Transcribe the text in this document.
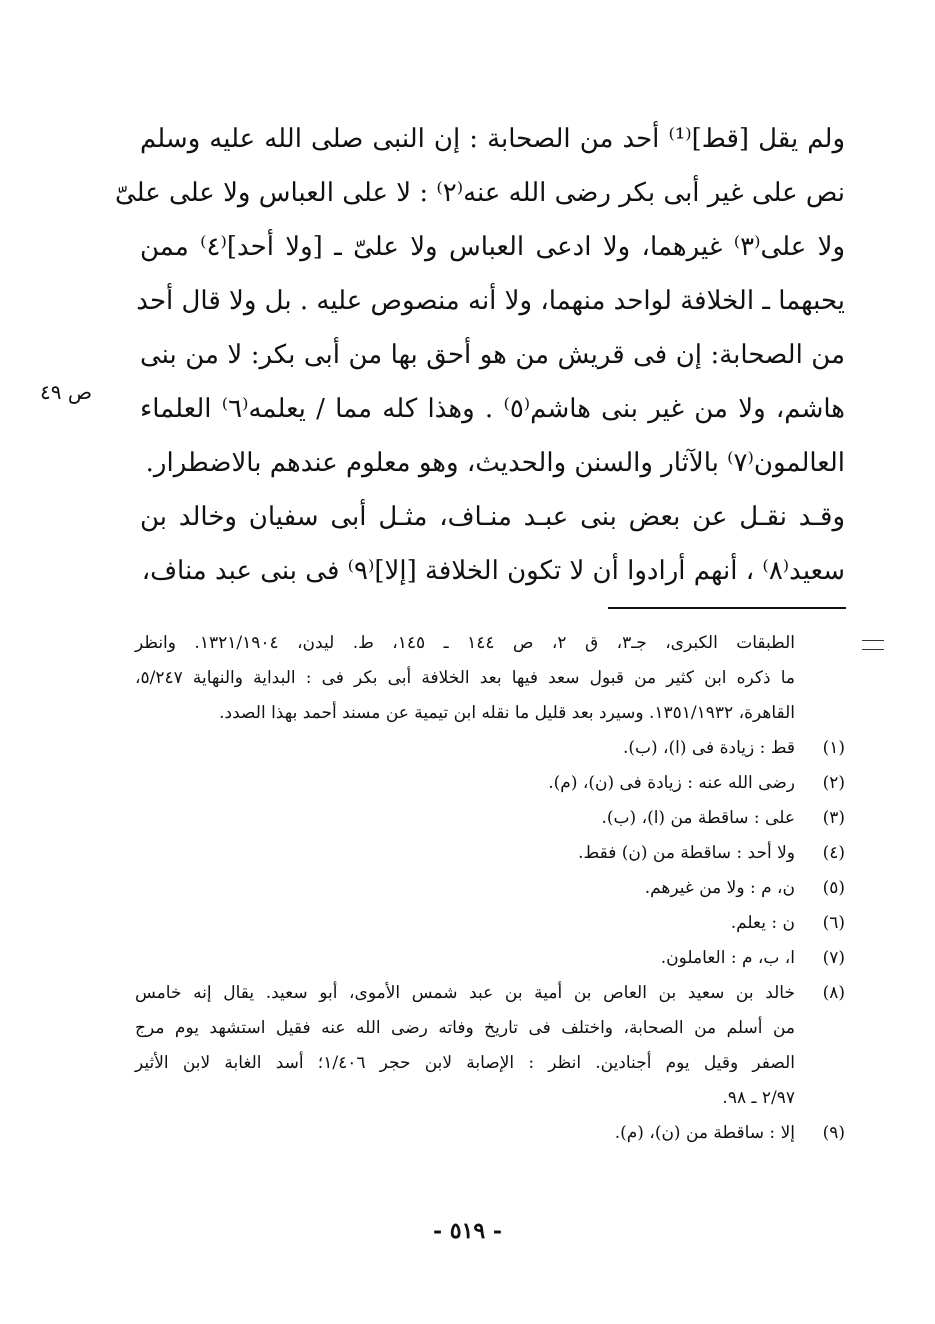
ولم يقل [قط]⁽¹⁾ أحد من الصحابة : إن النبى صلى الله عليه وسلم
نص على غير أبى بكر رضى الله عنه⁽٢⁾ : لا على العباس ولا على علىّ
ولا على⁽٣⁾ غيرهما، ولا ادعى العباس ولا علىّ ـ [ولا أحد]⁽٤⁾ ممن
يحبهما ـ الخلافة لواحد منهما، ولا أنه منصوص عليه . بل ولا قال أحد
من الصحابة: إن فى قريش من هو أحق بها من أبى بكر: لا من بنى
هاشم، ولا من غير بنى هاشم⁽٥⁾ . وهذا كله مما / يعلمه⁽٦⁾ العلماء
العالمون⁽٧⁾ بالآثار والسنن والحديث، وهو معلوم عندهم بالاضطرار.
وقـد نقـل عن بعض بنى عبـد منـاف، مثـل أبى سفيان وخالد بن
سعيد⁽٨⁾ ، أنهم أرادوا أن لا تكون الخلافة [إلا]⁽٩⁾ فى بنى عبد مناف،
ص ٤٩
الطبقات الكبرى، جـ٣، ق ٢، ص ١٤٤ ـ ١٤٥، ط. ليدن، ١٣٢١/١٩٠٤. وانظر
ما ذكره ابن كثير من قبول سعد فيها بعد الخلافة أبى بكر فى : البداية والنهاية ٥/٢٤٧،
القاهرة، ١٣٥١/١٩٣٢. وسيرد بعد قليل ما نقله ابن تيمية عن مسند أحمد بهذا الصدد.
(١)
قط : زيادة فى (ا)، (ب).
(٢)
رضى الله عنه : زيادة فى (ن)، (م).
(٣)
على : ساقطة من (ا)، (ب).
(٤)
ولا أحد : ساقطة من (ن) فقط.
(٥)
ن، م : ولا من غيرهم.
(٦)
ن : يعلم.
(٧)
ا، ب، م : العاملون.
(٨)
خالد بن سعيد بن العاص بن أمية بن عبد شمس الأموى، أبو سعيد. يقال إنه خامس
من أسلم من الصحابة، واختلف فى تاريخ وفاته رضى الله عنه فقيل استشهد يوم مرج
الصفر وقيل يوم أجنادين. انظر : الإصابة لابن حجر ١/٤٠٦؛ أسد الغابة لابن الأثير
٢/٩٧ ـ ٩٨.
(٩)
إلا : ساقطة من (ن)، (م).
- ٥١٩ -
